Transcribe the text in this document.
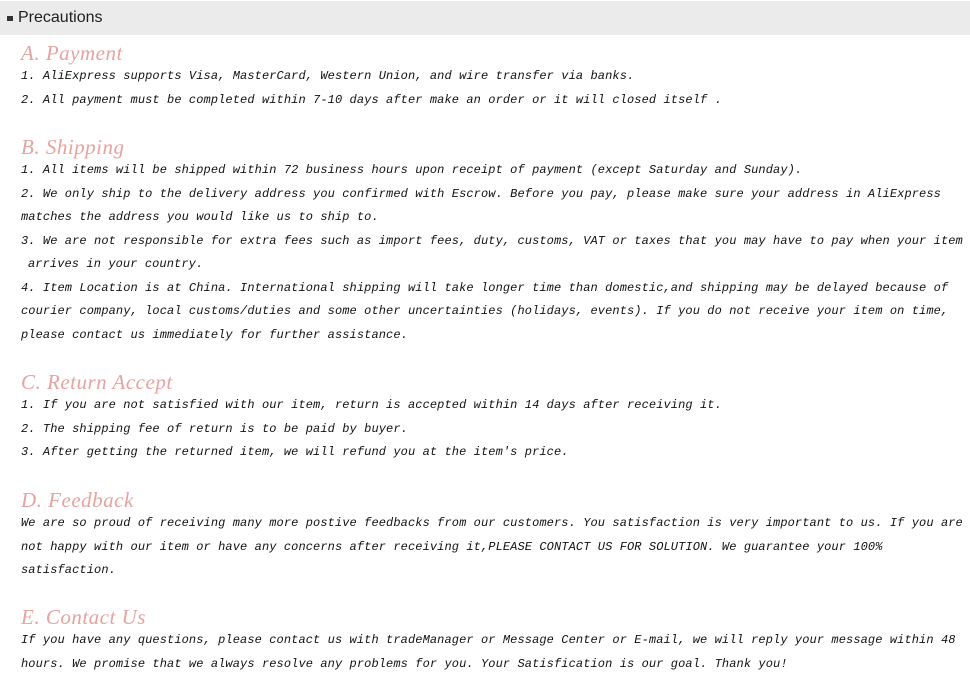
Precautions

A. Payment

1. AliExpress supports Visa, MasterCard, Western Union, and wire transfer via banks.

2. All payment must be completed within 7-10 days after make an order or it will closed itself .

B. Shipping

1. All items will be shipped within 72 business hours upon receipt of payment (except Saturday and Sunday).

2. We only ship to the delivery address you confirmed with Escrow. Before you pay, please make sure your address in AliExpress

matches the address you would like us to ship to.

3. We are not responsible for extra fees such as import fees, duty, customs, VAT or taxes that you may have to pay when your item

arrives in your country.

4. Item Location is at China. International shipping will take longer time than domestic,and shipping may be delayed because of

courier company, local customs/duties and some other uncertainties (holidays, events). If you do not receive your item on time,

please contact us immediately for further assistance.

C. Return Accept

1. If you are not satisfied with our item, return is accepted within 14 days after receiving it.

2. The shipping fee of return is to be paid by buyer.

3. After getting the returned item, we will refund you at the item's price.

D. Feedback

We are so proud of receiving many more postive feedbacks from our customers. You satisfaction is very important to us. If you are

not happy with our item or have any concerns after receiving it,PLEASE CONTACT US FOR SOLUTION. We guarantee your 100%

satisfaction.

E. Contact Us

If you have any questions, please contact us with tradeManager or Message Center or E-mail, we will reply your message within 48

hours. We promise that we always resolve any problems for you. Your Satisfication is our goal. Thank you!
